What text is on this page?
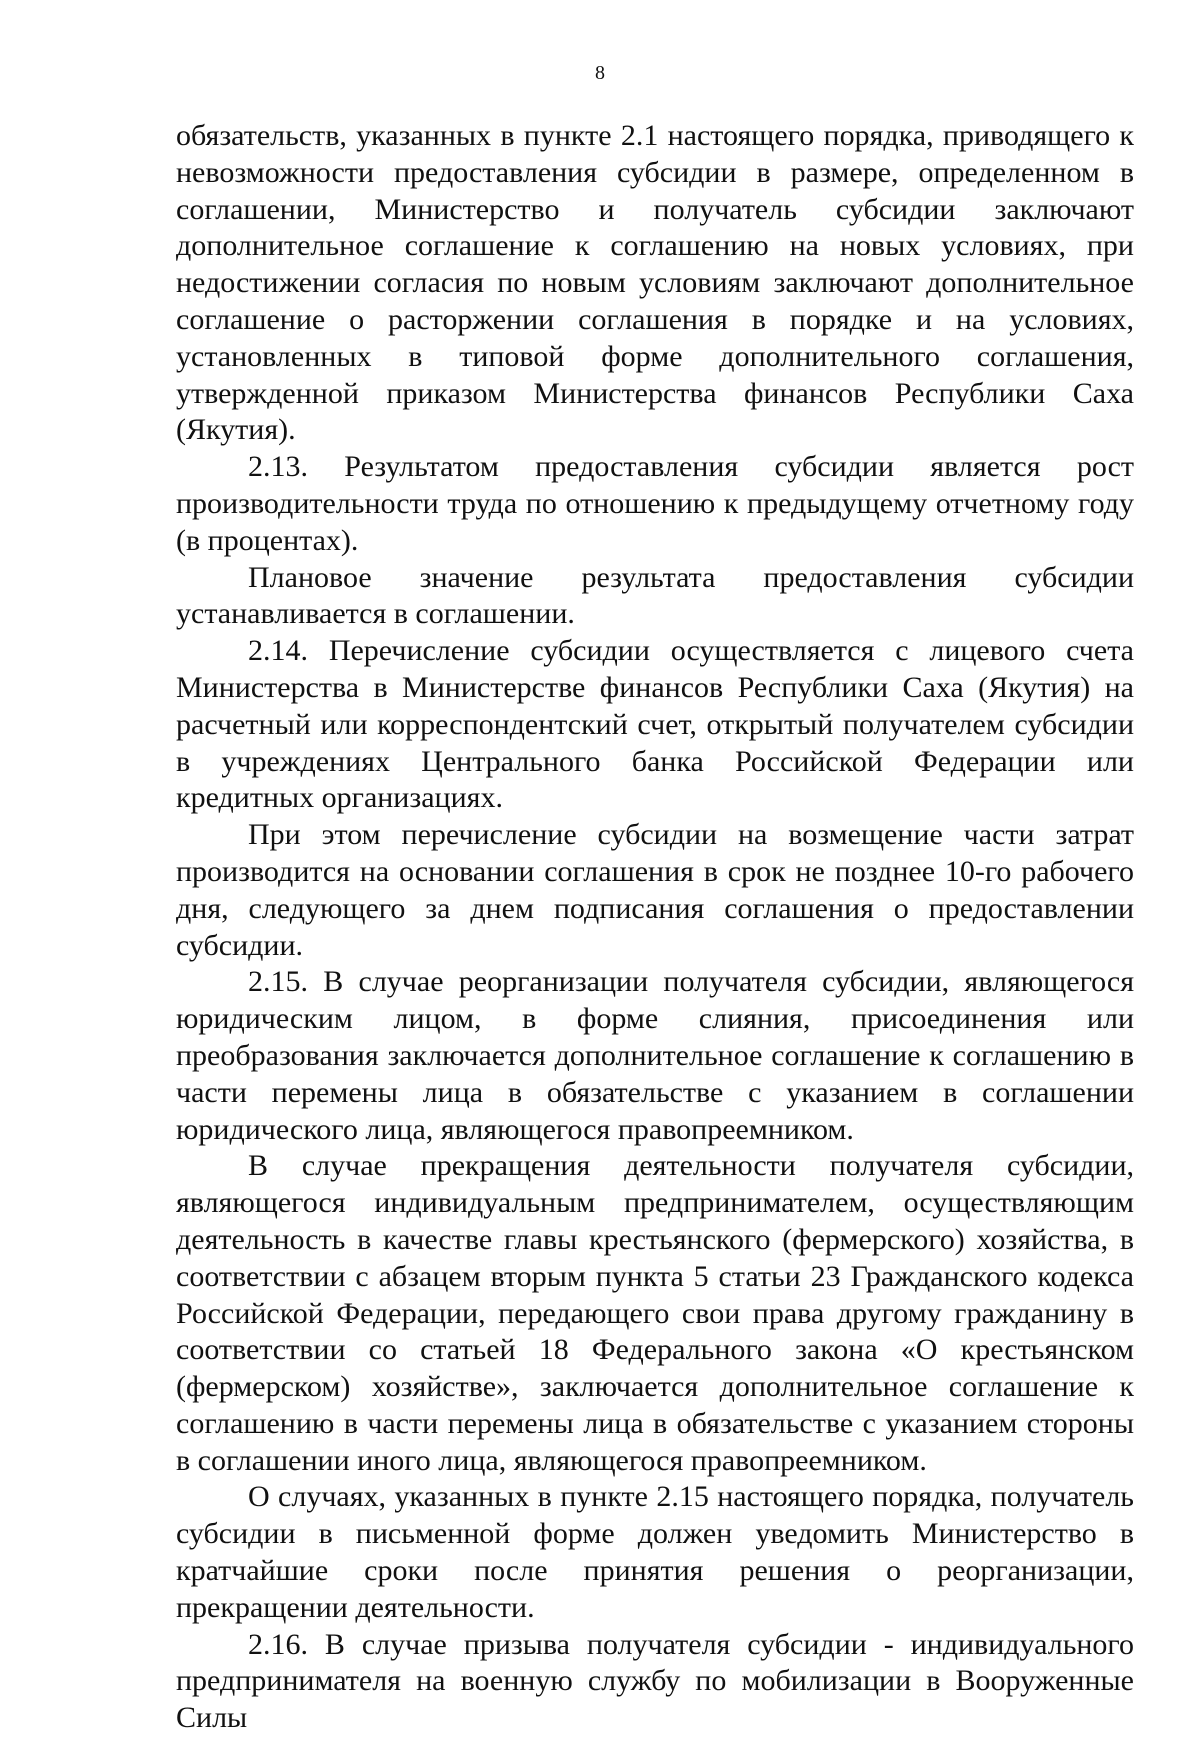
8

обязательств, указанных в пункте 2.1 настоящего порядка, приводящего к невозможности предоставления субсидии в размере, определенном в соглашении, Министерство и получатель субсидии заключают дополнительное соглашение к соглашению на новых условиях, при недостижении согласия по новым условиям заключают дополнительное соглашение о расторжении соглашения в порядке и на условиях, установленных в типовой форме дополнительного соглашения, утвержденной приказом Министерства финансов Республики Саха (Якутия).

2.13. Результатом предоставления субсидии является рост производительности труда по отношению к предыдущему отчетному году (в процентах).

Плановое значение результата предоставления субсидии устанавливается в соглашении.

2.14. Перечисление субсидии осуществляется с лицевого счета Министерства в Министерстве финансов Республики Саха (Якутия) на расчетный или корреспондентский счет, открытый получателем субсидии в учреждениях Центрального банка Российской Федерации или кредитных организациях.

При этом перечисление субсидии на возмещение части затрат производится на основании соглашения в срок не позднее 10-го рабочего дня, следующего за днем подписания соглашения о предоставлении субсидии.

2.15. В случае реорганизации получателя субсидии, являющегося юридическим лицом, в форме слияния, присоединения или преобразования заключается дополнительное соглашение к соглашению в части перемены лица в обязательстве с указанием в соглашении юридического лица, являющегося правопреемником.

В случае прекращения деятельности получателя субсидии, являющегося индивидуальным предпринимателем, осуществляющим деятельность в качестве главы крестьянского (фермерского) хозяйства, в соответствии с абзацем вторым пункта 5 статьи 23 Гражданского кодекса Российской Федерации, передающего свои права другому гражданину в соответствии со статьей 18 Федерального закона «О крестьянском (фермерском) хозяйстве», заключается дополнительное соглашение к соглашению в части перемены лица в обязательстве с указанием стороны в соглашении иного лица, являющегося правопреемником.

О случаях, указанных в пункте 2.15 настоящего порядка, получатель субсидии в письменной форме должен уведомить Министерство в кратчайшие сроки после принятия решения о реорганизации, прекращении деятельности.

2.16. В случае призыва получателя субсидии - индивидуального предпринимателя на военную службу по мобилизации в Вооруженные Силы
